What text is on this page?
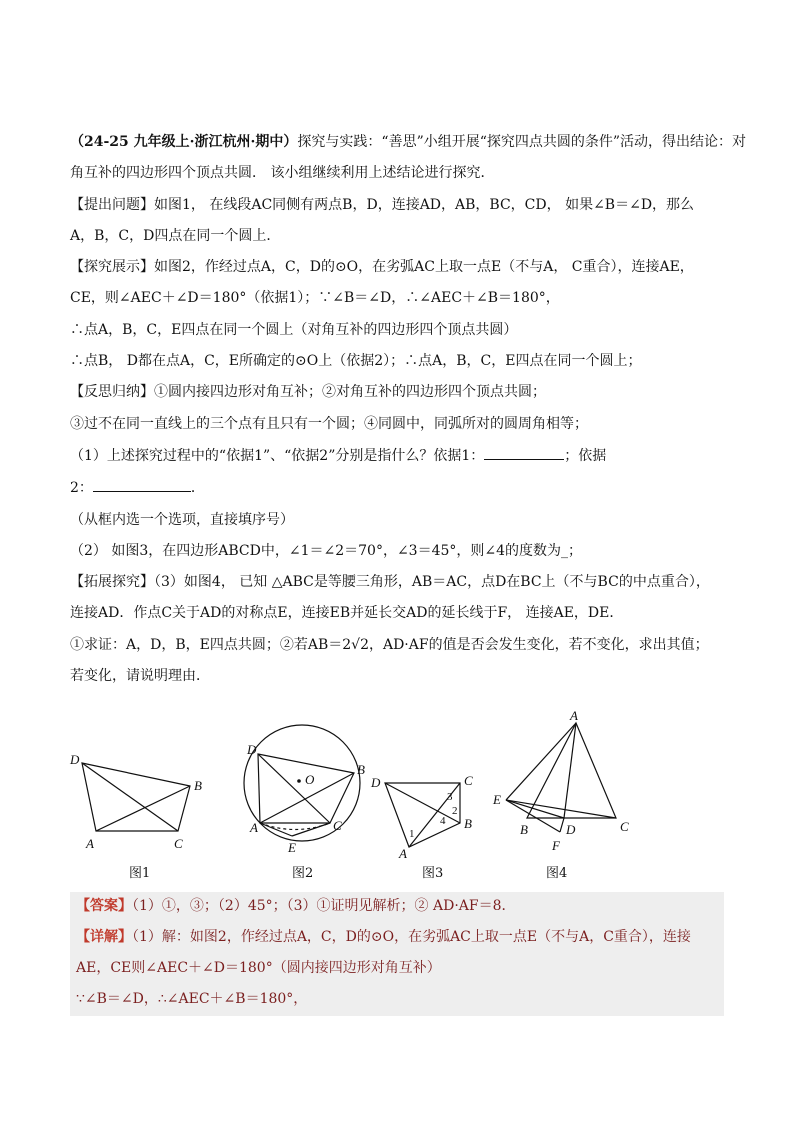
（24-25 九年级上·浙江杭州·期中）探究与实践：“善思”小组开展“探究四点共圆的条件”活动，得出结论：对

角互补的四边形四个顶点共圆． 该小组继续利用上述结论进行探究．

【提出问题】如图1， 在线段AC同侧有两点B，D，连接AD，AB，BC，CD， 如果∠B＝∠D，那么

A，B，C，D四点在同一个圆上．

【探究展示】如图2，作经过点A，C，D的⊙O，在劣弧AC上取一点E（不与A， C重合），连接AE，

CE，则∠AEC＋∠D＝180°（依据1）；∵∠B＝∠D，∴∠AEC＋∠B＝180°，

∴点A，B，C，E四点在同一个圆上（对角互补的四边形四个顶点共圆）

∴点B， D都在点A，C，E所确定的⊙O上（依据2）；∴点A，B，C，E四点在同一个圆上；

【反思归纳】①圆内接四边形对角互补；②对角互补的四边形四个顶点共圆；

③过不在同一直线上的三个点有且只有一个圆；④同圆中，同弧所对的圆周角相等；

（1）上述探究过程中的“依据1”、“依据2”分别是指什么？依据1：	；依据

2：	．

（从框内选一个选项，直接填序号）

（2） 如图3，在四边形ABCD中，∠1＝∠2＝70°，∠3＝45°，则∠4的度数为_；

【拓展探究】（3）如图4， 已知 △ABC是等腰三角形，AB＝AC，点D在BC上（不与BC的中点重合），

连接AD．作点C关于AD的对称点E，连接EB并延长交AD的延长线于F， 连接AE，DE．

①求证：A，D，B，E四点共圆；②若AB＝2√2，AD·AF的值是否会发生变化，若不变化，求出其值；

若变化，请说明理由．

D
B
A	C
图1
D
O
B
A	C
E
图2
D	C
3
2
4 B
1
A
图3
A
E
B	D	C
F
图4

【答案】（1）①，③；（2）45°；（3）①证明见解析；② AD·AF＝8．

【详解】（1）解：如图2，作经过点A，C，D的⊙O，在劣弧AC上取一点E（不与A，C重合），连接

AE，CE则∠AEC＋∠D＝180°（圆内接四边形对角互补）

∵∠B＝∠D，∴∠AEC＋∠B＝180°，
